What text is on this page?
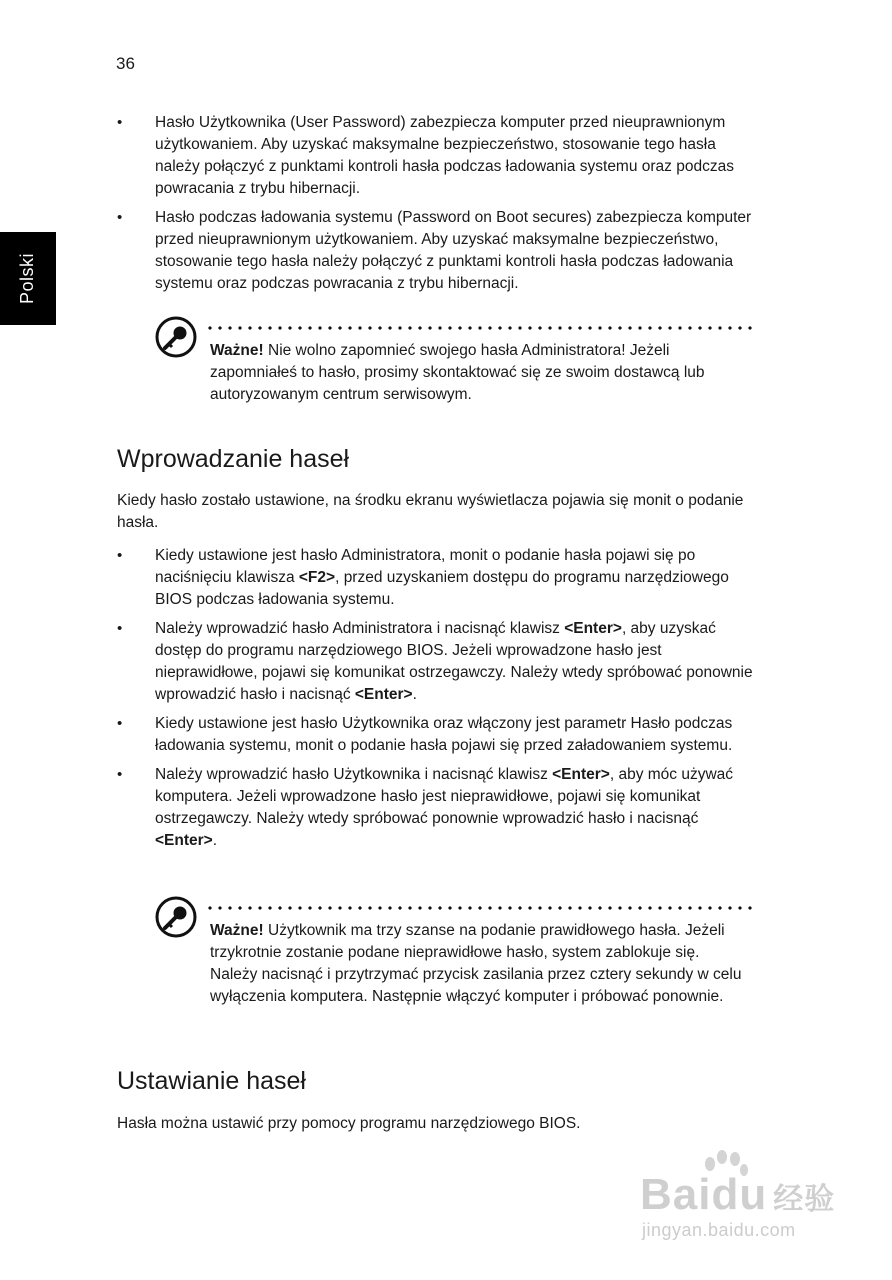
36
Polski
• Hasło Użytkownika (User Password) zabezpiecza komputer przed nieuprawnionym użytkowaniem. Aby uzyskać maksymalne bezpieczeństwo, stosowanie tego hasła należy połączyć z punktami kontroli hasła podczas ładowania systemu oraz podczas powracania z trybu hibernacji.
• Hasło podczas ładowania systemu (Password on Boot secures) zabezpiecza komputer przed nieuprawnionym użytkowaniem. Aby uzyskać maksymalne bezpieczeństwo, stosowanie tego hasła należy połączyć z punktami kontroli hasła podczas ładowania systemu oraz podczas powracania z trybu hibernacji.
Ważne! Nie wolno zapomnieć swojego hasła Administratora! Jeżeli zapomniałeś to hasło, prosimy skontaktować się ze swoim dostawcą lub autoryzowanym centrum serwisowym.
Wprowadzanie haseł
Kiedy hasło zostało ustawione, na środku ekranu wyświetlacza pojawia się monit o podanie hasła.
• Kiedy ustawione jest hasło Administratora, monit o podanie hasła pojawi się po naciśnięciu klawisza <F2>, przed uzyskaniem dostępu do programu narzędziowego BIOS podczas ładowania systemu.
• Należy wprowadzić hasło Administratora i nacisnąć klawisz <Enter>, aby uzyskać dostęp do programu narzędziowego BIOS. Jeżeli wprowadzone hasło jest nieprawidłowe, pojawi się komunikat ostrzegawczy. Należy wtedy spróbować ponownie wprowadzić hasło i nacisnąć <Enter>.
• Kiedy ustawione jest hasło Użytkownika oraz włączony jest parametr Hasło podczas ładowania systemu, monit o podanie hasła pojawi się przed załadowaniem systemu.
• Należy wprowadzić hasło Użytkownika i nacisnąć klawisz <Enter>, aby móc używać komputera. Jeżeli wprowadzone hasło jest nieprawidłowe, pojawi się komunikat ostrzegawczy. Należy wtedy spróbować ponownie wprowadzić hasło i nacisnąć <Enter>.
Ważne! Użytkownik ma trzy szanse na podanie prawidłowego hasła. Jeżeli trzykrotnie zostanie podane nieprawidłowe hasło, system zablokuje się. Należy nacisnąć i przytrzymać przycisk zasilania przez cztery sekundy w celu wyłączenia komputera. Następnie włączyć komputer i próbować ponownie.
Ustawianie haseł
Hasła można ustawić przy pomocy programu narzędziowego BIOS.
Baidu 经验
jingyan.baidu.com
